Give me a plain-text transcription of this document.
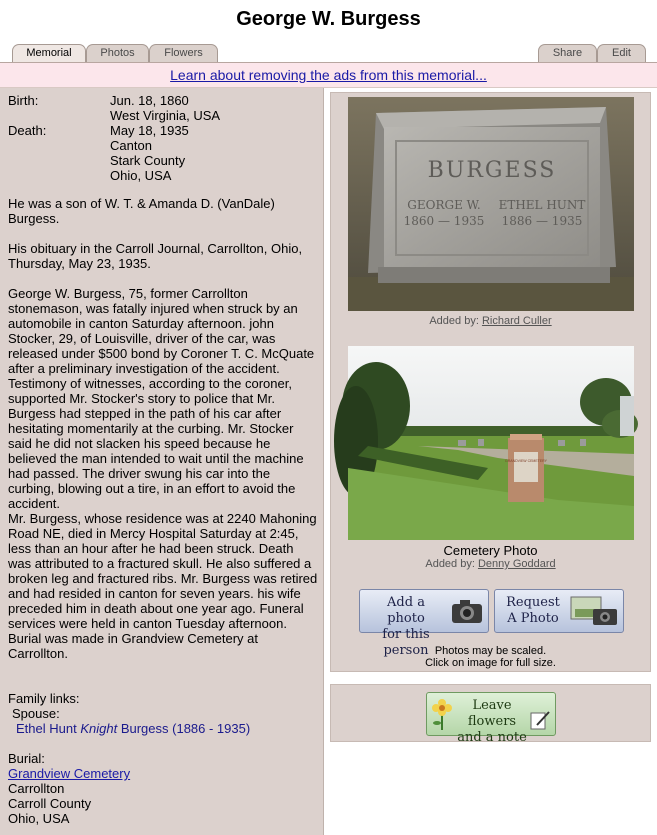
George W. Burgess
Memorial	Photos	Flowers	Share	Edit
Learn about removing the ads from this memorial...
Birth:	Jun. 18, 1860
West Virginia, USA
Death:	May 18, 1935
Canton
Stark County
Ohio, USA
He was a son of W. T. & Amanda D. (VanDale) Burgess.
His obituary in the Carroll Journal, Carrollton, Ohio, Thursday, May 23, 1935.
George W. Burgess, 75, former Carrollton stonemason, was fatally injured when struck by an automobile in canton Saturday afternoon. john Stocker, 29, of Louisville, driver of the car, was released under $500 bond by Coroner T. C. McQuate after a preliminary investigation of the accident. Testimony of witnesses, according to the coroner, supported Mr. Stocker's story to police that Mr. Burgess had stepped in the path of his car after hesitating momentarily at the curbing. Mr. Stocker said he did not slacken his speed because he believed the man intended to wait until the machine had passed. The driver swung his car into the curbing, blowing out a tire, in an effort to avoid the accident.
Mr. Burgess, whose residence was at 2240 Mahoning Road NE, died in Mercy Hospital Saturday at 2:45, less than an hour after he had been struck. Death was attributed to a fractured skull. He also suffered a broken leg and fractured ribs. Mr. Burgess was retired and had resided in canton for seven years. his wife preceded him in death about one year ago. Funeral services were held in canton Tuesday afternoon. Burial was made in Grandview Cemetery at Carrollton.
Family links:
Spouse:
Ethel Hunt Knight Burgess (1886 - 1935)
Burial:
Grandview Cemetery
Carrollton
Carroll County
Ohio, USA
BURGESS
GEORGE W.
1860 — 1935
ETHEL HUNT
1886 — 1935
Added by: Richard Culler
GRANDVIEW CEMETERY
Cemetery Photo
Added by: Denny Goddard
Add a photo
for this person
Request
A Photo
Photos may be scaled.
Click on image for full size.
Leave flowers
and a note
